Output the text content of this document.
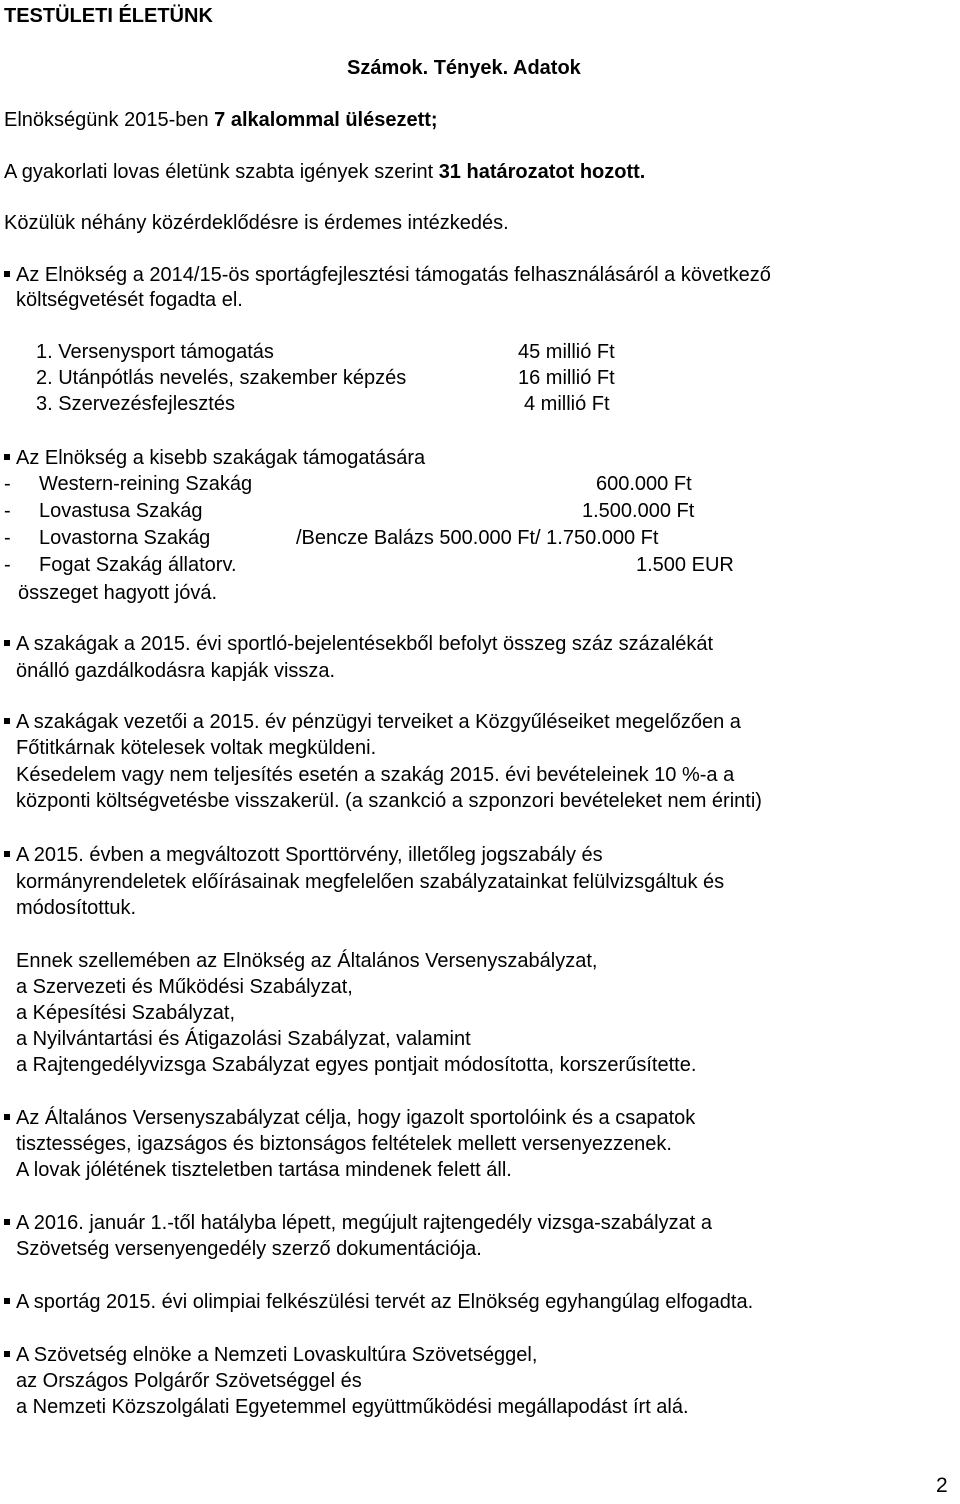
TESTÜLETI ÉLETÜNK
Számok. Tények. Adatok
Elnökségünk 2015-ben 7 alkalommal ülésezett;
A gyakorlati lovas életünk szabta igények szerint 31 határozatot hozott.
Közülük néhány közérdeklődésre is érdemes intézkedés.
Az Elnökség a 2014/15-ös sportágfejlesztési támogatás felhasználásáról a következő
költségvetését fogadta el.
1. Versenysport támogatás	45 millió Ft
2. Utánpótlás nevelés, szakember képzés	16 millió Ft
3. Szervezésfejlesztés	4 millió Ft
Az Elnökség a kisebb szakágak támogatására
- Western-reining Szakág	600.000 Ft
- Lovastusa Szakág	1.500.000 Ft
- Lovastorna Szakág	/Bencze Balázs 500.000 Ft/ 1.750.000 Ft
- Fogat Szakág állatorv.	1.500 EUR
összeget hagyott jóvá.
A szakágak a 2015. évi sportló-bejelentésekből befolyt összeg száz százalékát
önálló gazdálkodásra kapják vissza.
A szakágak vezetői a 2015. év pénzügyi terveiket a Közgyűléseiket megelőzően a
Főtitkárnak kötelesek voltak megküldeni.
Késedelem vagy nem teljesítés esetén a szakág 2015. évi bevételeinek 10 %-a a
központi költségvetésbe visszakerül. (a szankció a szponzori bevételeket nem érinti)
A 2015. évben a megváltozott Sporttörvény, illetőleg jogszabály és
kormányrendeletek előírásainak megfelelően szabályzatainkat felülvizsgáltuk és
módosítottuk.
Ennek szellemében az Elnökség az Általános Versenyszabályzat,
a Szervezeti és Működési Szabályzat,
a Képesítési Szabályzat,
a Nyilvántartási és Átigazolási Szabályzat, valamint
a Rajtengedélyvizsga Szabályzat egyes pontjait módosította, korszerűsítette.
Az Általános Versenyszabályzat célja, hogy igazolt sportolóink és a csapatok
tisztességes, igazságos és biztonságos feltételek mellett versenyezzenek.
A lovak jólétének tiszteletben tartása mindenek felett áll.
A 2016. január 1.-től hatályba lépett, megújult rajtengedély vizsga-szabályzat a
Szövetség versenyengedély szerző dokumentációja.
A sportág 2015. évi olimpiai felkészülési tervét az Elnökség egyhangúlag elfogadta.
A Szövetség elnöke a Nemzeti Lovaskultúra Szövetséggel,
az Országos Polgárőr Szövetséggel és
a Nemzeti Közszolgálati Egyetemmel együttműködési megállapodást írt alá.
2
